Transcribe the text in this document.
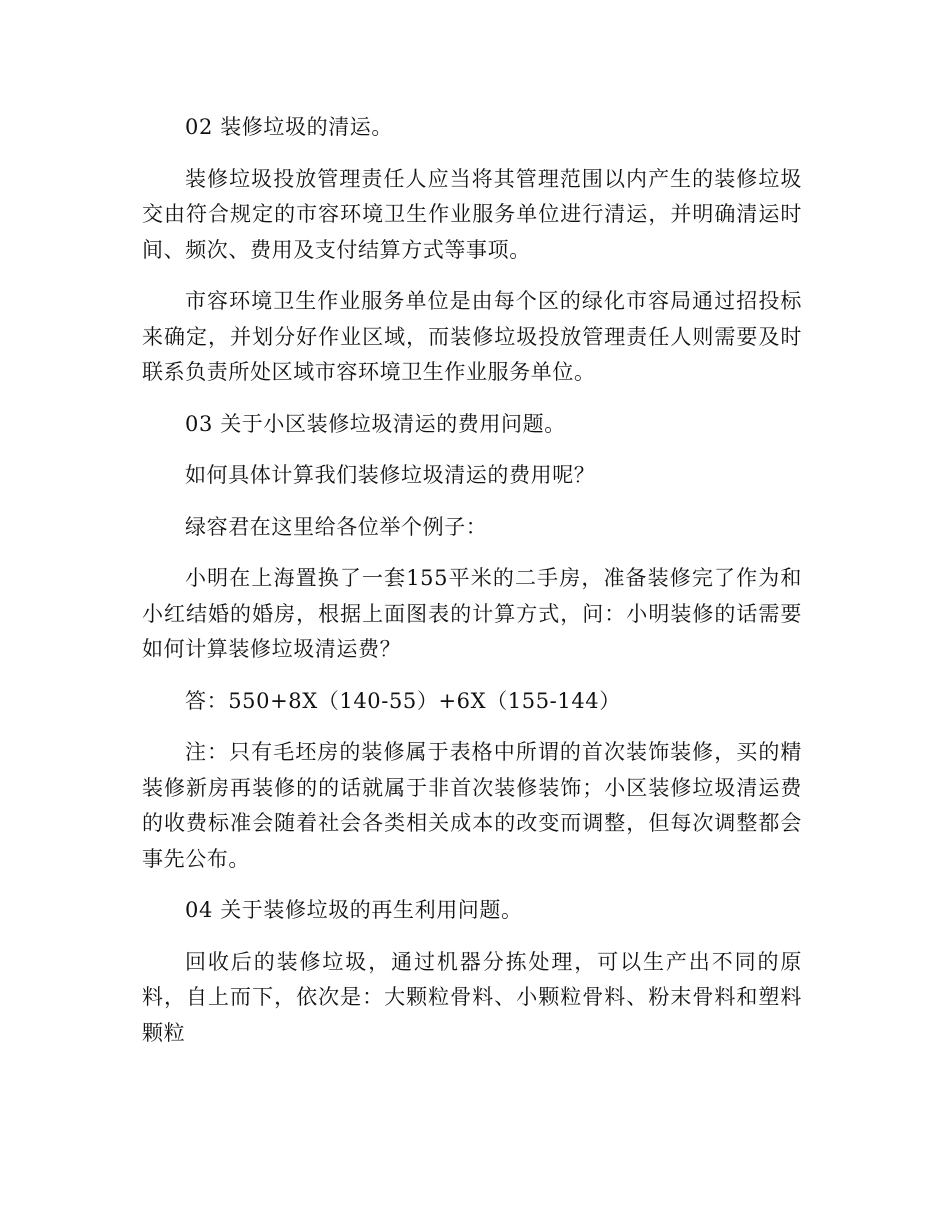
02 装修垃圾的清运。

装修垃圾投放管理责任人应当将其管理范围以内产生的装修垃圾交由符合规定的市容环境卫生作业服务单位进行清运，并明确清运时间、频次、费用及支付结算方式等事项。

市容环境卫生作业服务单位是由每个区的绿化市容局通过招投标来确定，并划分好作业区域，而装修垃圾投放管理责任人则需要及时联系负责所处区域市容环境卫生作业服务单位。

03 关于小区装修垃圾清运的费用问题。

如何具体计算我们装修垃圾清运的费用呢？

绿容君在这里给各位举个例子：

小明在上海置换了一套155平米的二手房，准备装修完了作为和小红结婚的婚房，根据上面图表的计算方式，问：小明装修的话需要如何计算装修垃圾清运费？

答：550+8X（140-55）+6X（155-144）

注：只有毛坯房的装修属于表格中所谓的首次装饰装修，买的精装修新房再装修的的话就属于非首次装修装饰；小区装修垃圾清运费的收费标准会随着社会各类相关成本的改变而调整，但每次调整都会事先公布。

04 关于装修垃圾的再生利用问题。

回收后的装修垃圾，通过机器分拣处理，可以生产出不同的原料，自上而下，依次是：大颗粒骨料、小颗粒骨料、粉末骨料和塑料颗粒
